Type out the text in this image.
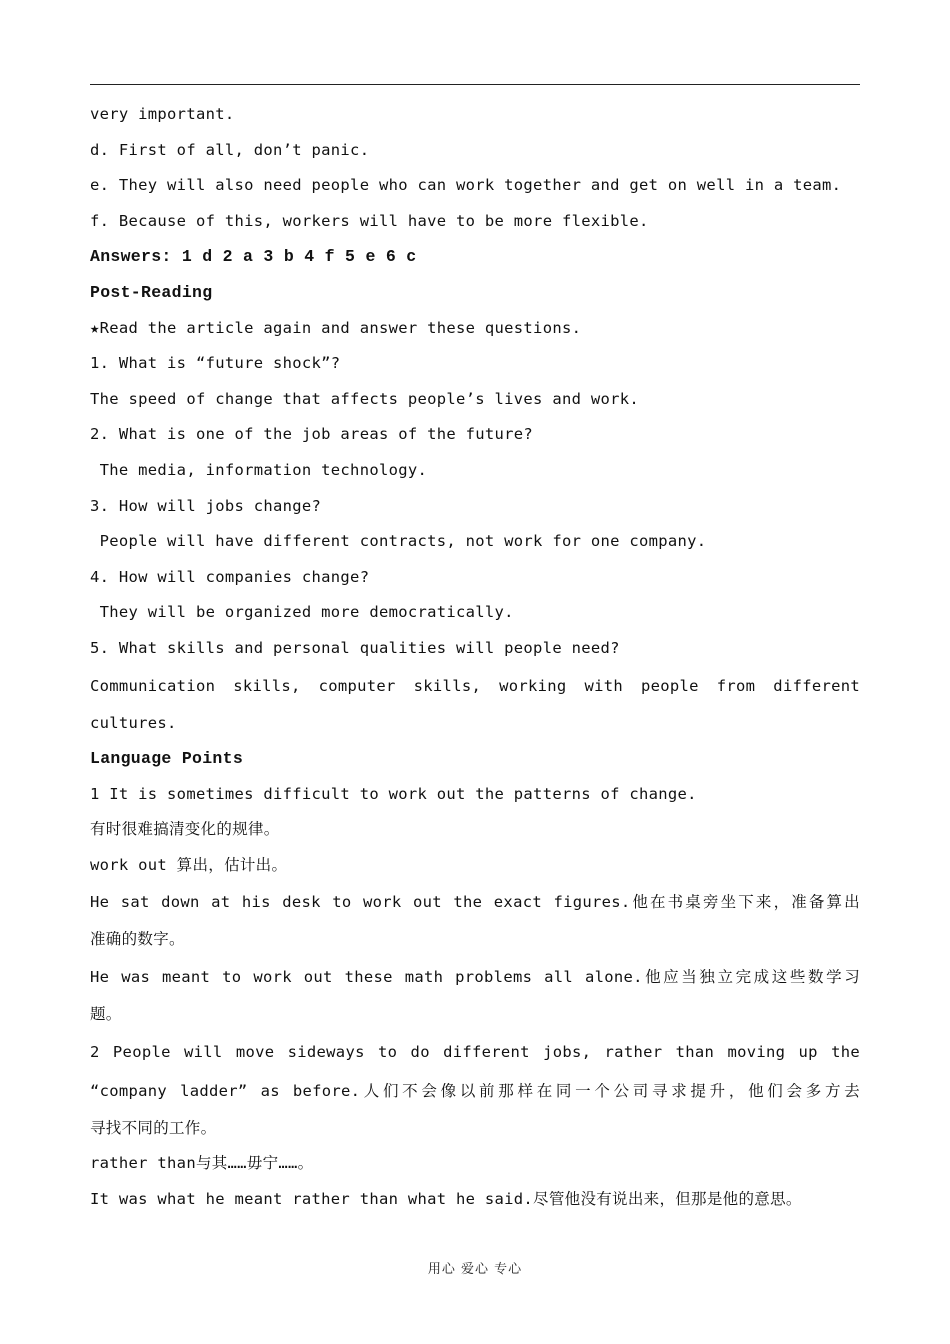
very important.
d. First of all, don’t panic.
e. They will also need people who can work together and get on well in a team.
f. Because of this, workers will have to be more flexible.
Answers: 1 d 2 a 3 b 4 f 5 e 6 c
Post-Reading
★Read the article again and answer these questions.
1. What is “future shock”?
The speed of change that affects people’s lives and work.
2. What is one of the job areas of the future?
The media, information technology.
3. How will jobs change?
People will have different contracts, not work for one company.
4. How will companies change?
They will be organized more democratically.
5. What skills and personal qualities will people need?
Communication skills, computer skills, working with people from different
cultures.
Language Points
1 It is sometimes difficult to work out the patterns of change.
有时很难搞清变化的规律。
work out 算出，估计出。
He sat down at his desk to work out the exact figures.他在书桌旁坐下来，准备算出
准确的数字。
He was meant to work out these math problems all alone.他应当独立完成这些数学习
题。
2 People will move sideways to do different jobs, rather than moving up the
“company ladder” as before.人们不会像以前那样在同一个公司寻求提升，他们会多方去
寻找不同的工作。
rather than与其……毋宁……。
It was what he meant rather than what he said.尽管他没有说出来，但那是他的意思。
用心 爱心 专心
